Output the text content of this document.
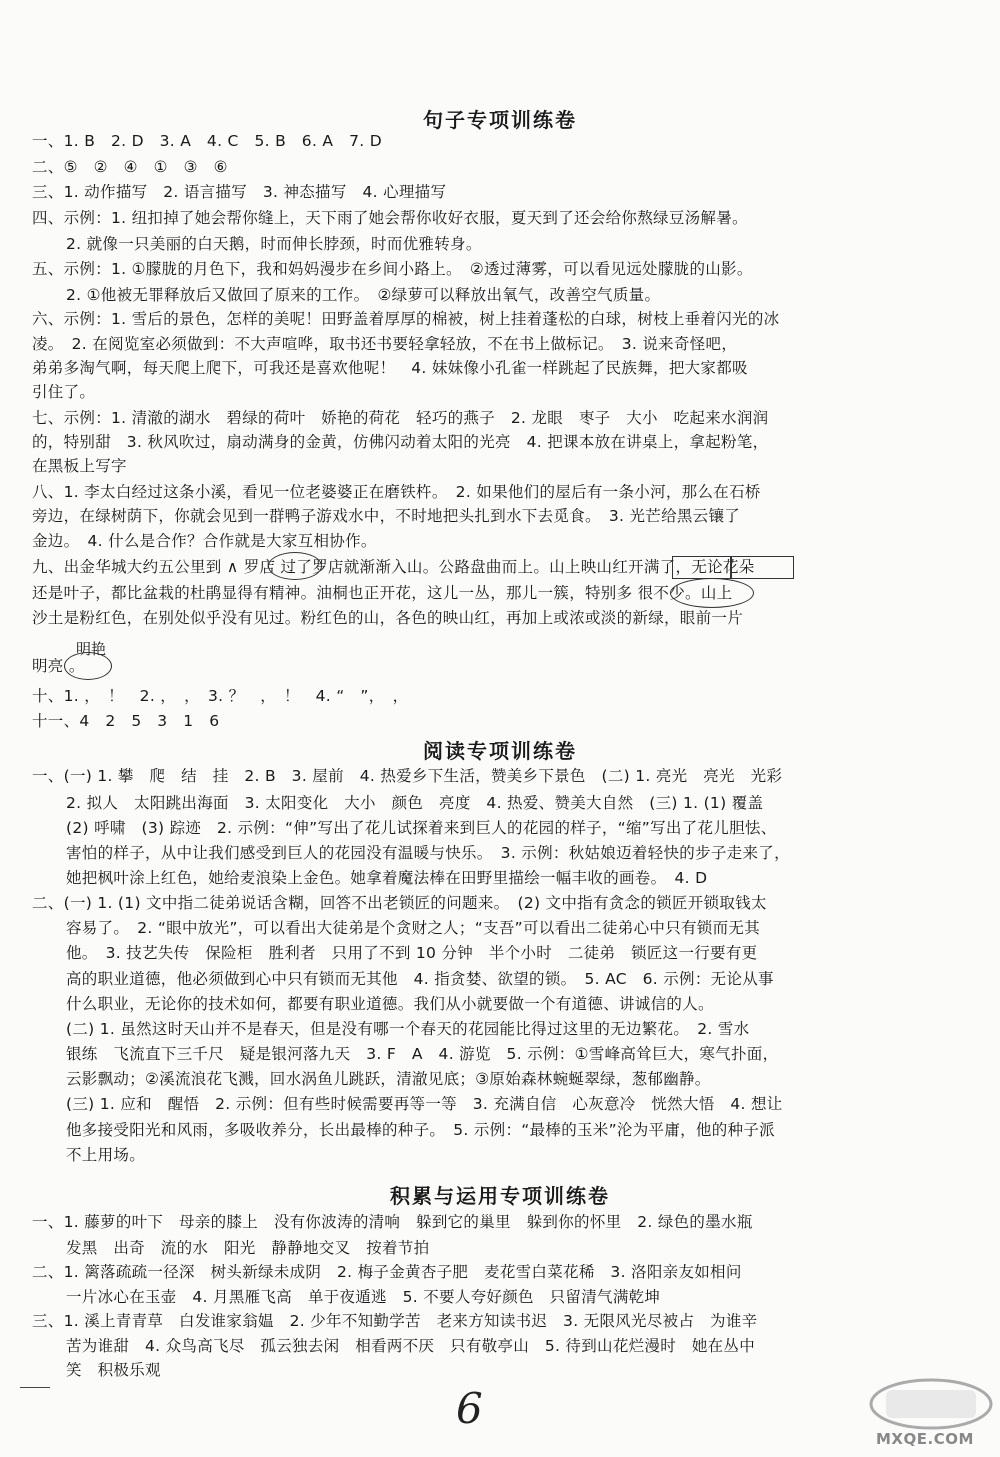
句子专项训练卷
一、1. B　2. D　3. A　4. C　5. B　6. A　7. D
二、⑤　②　④　①　③　⑥
三、1. 动作描写　2. 语言描写　3. 神态描写　4. 心理描写
四、示例：1. 纽扣掉了她会帮你缝上，天下雨了她会帮你收好衣服，夏天到了还会给你熬绿豆汤解暑。
2. 就像一只美丽的白天鹅，时而伸长脖颈，时而优雅转身。
五、示例：1. ①朦胧的月色下，我和妈妈漫步在乡间小路上。　②透过薄雾，可以看见远处朦胧的山影。
2. ①他被无罪释放后又做回了原来的工作。　②绿萝可以释放出氧气，改善空气质量。
六、示例：1. 雪后的景色，怎样的美呢！田野盖着厚厚的棉被，树上挂着蓬松的白球，树枝上垂着闪光的冰
凌。　2. 在阅览室必须做到：不大声喧哗，取书还书要轻拿轻放，不在书上做标记。　3. 说来奇怪吧，
弟弟多淘气啊，每天爬上爬下，可我还是喜欢他呢！　4. 妹妹像小孔雀一样跳起了民族舞，把大家都吸
引住了。
七、示例：1. 清澈的湖水　碧绿的荷叶　娇艳的荷花　轻巧的燕子　2. 龙眼　枣子　大小　吃起来水润润
的，特别甜　3. 秋风吹过，扇动满身的金黄，仿佛闪动着太阳的光亮　4. 把课本放在讲桌上，拿起粉笔，
在黑板上写字
八、1. 李太白经过这条小溪，看见一位老婆婆正在磨铁杵。　2. 如果他们的屋后有一条小河，那么在石桥
旁边，在绿树荫下，你就会见到一群鸭子游戏水中，不时地把头扎到水下去觅食。　3. 光芒给黑云镶了
金边。　4. 什么是合作？合作就是大家互相协作。
九、出金华城大约五公里到 ∧ 罗店 过了罗店就渐渐入山。公路盘曲而上。山上映山红开满了，无论花朵
还是叶子，都比盆栽的杜鹃显得有精神。油桐也正开花，这儿一丛，那儿一簇，特别多 很不少。山上
沙土是粉红色，在别处似乎没有见过。粉红色的山，各色的映山红，再加上或浓或淡的新绿，眼前一片
明亮 。
十、1. ，　！　2. ，　，　3. ？　，　！　4. “　”，　，
十一、4　2　5　3　1　6
明艳
阅读专项训练卷
一、(一) 1. 攀　爬　结　挂　2. B　3. 屋前　4. 热爱乡下生活，赞美乡下景色　(二) 1. 亮光　亮光　光彩
2. 拟人　太阳跳出海面　3. 太阳变化　大小　颜色　亮度　4. 热爱、赞美大自然　(三) 1. (1) 覆盖
(2) 呼啸　(3) 踪迹　2. 示例：“伸”写出了花儿试探着来到巨人的花园的样子，“缩”写出了花儿胆怯、
害怕的样子，从中让我们感受到巨人的花园没有温暖与快乐。　3. 示例：秋姑娘迈着轻快的步子走来了，
她把枫叶涂上红色，她给麦浪染上金色。她拿着魔法棒在田野里描绘一幅丰收的画卷。　4. D
二、(一) 1. (1) 文中指二徒弟说话含糊，回答不出老锁匠的问题来。　(2) 文中指有贪念的锁匠开锁取钱太
容易了。　2. “眼中放光”，可以看出大徒弟是个贪财之人；“支吾”可以看出二徒弟心中只有锁而无其
他。　3. 技艺失传　保险柜　胜利者　只用了不到 10 分钟　半个小时　二徒弟　锁匠这一行要有更
高的职业道德，他必须做到心中只有锁而无其他　4. 指贪婪、欲望的锁。　5. AC　6. 示例：无论从事
什么职业，无论你的技术如何，都要有职业道德。我们从小就要做一个有道德、讲诚信的人。
(二) 1. 虽然这时天山并不是春天，但是没有哪一个春天的花园能比得过这里的无边繁花。　2. 雪水
银练　飞流直下三千尺　疑是银河落九天　3. F　A　4. 游览　5. 示例：①雪峰高耸巨大，寒气扑面，
云影飘动；②溪流浪花飞溅，回水涡鱼儿跳跃，清澈见底；③原始森林蜿蜒翠绿，葱郁幽静。
(三) 1. 应和　醒悟　2. 示例：但有些时候需要再等一等　3. 充满自信　心灰意冷　恍然大悟　4. 想让
他多接受阳光和风雨，多吸收养分，长出最棒的种子。　5. 示例：“最棒的玉米”沦为平庸，他的种子派
不上用场。
积累与运用专项训练卷
一、1. 藤萝的叶下　母亲的膝上　没有你波涛的清响　躲到它的巢里　躲到你的怀里　2. 绿色的墨水瓶
发黑　出奇　流的水　阳光　静静地交叉　按着节拍
二、1. 篱落疏疏一径深　树头新绿未成阴　2. 梅子金黄杏子肥　麦花雪白菜花稀　3. 洛阳亲友如相问
一片冰心在玉壶　4. 月黑雁飞高　单于夜遁逃　5. 不要人夸好颜色　只留清气满乾坤
三、1. 溪上青青草　白发谁家翁媪　2. 少年不知勤学苦　老来方知读书迟　3. 无限风光尽被占　为谁辛
苦为谁甜　4. 众鸟高飞尽　孤云独去闲　相看两不厌　只有敬亭山　5. 待到山花烂漫时　她在丛中
笑　积极乐观
6
MXQE.COM
